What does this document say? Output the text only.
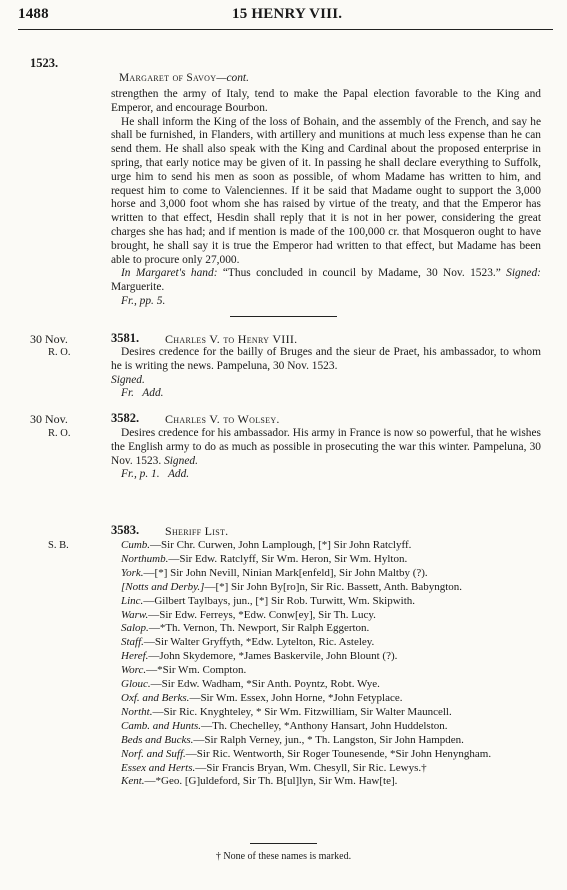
1488	15 HENRY VIII.
1523.
Margaret of Savoy—cont.

strengthen the army of Italy, tend to make the Papal election favorable to the King and Emperor, and encourage Bourbon.

He shall inform the King of the loss of Bohain, and the assembly of the French, and say he shall be furnished, in Flanders, with artillery and munitions at much less expense than he can send them. He shall also speak with the King and Cardinal about the proposed enterprise in spring, that early notice may be given of it. In passing he shall declare everything to Suffolk, urge him to send his men as soon as possible, of whom Madame has written to him, and request him to come to Valenciennes. If it be said that Madame ought to support the 3,000 horse and 3,000 foot whom she has raised by virtue of the treaty, and that the Emperor has written to that effect, Hesdin shall reply that it is not in her power, considering the great charges she has had; and if mention is made of the 100,000 cr. that Mosqueron ought to have brought, he shall say it is true the Emperor had written to that effect, but Madame has been able to procure only 27,000.

In Margaret's hand: “Thus concluded in council by Madame, 30 Nov. 1523.” Signed: Marguerite.

Fr., pp. 5.

30 Nov.
R. O.
3581. Charles V. to Henry VIII.

Desires credence for the bailly of Bruges and the sieur de Praet, his ambassador, to whom he is writing the news. Pampeluna, 30 Nov. 1523.

Signed.

Fr.   Add.

30 Nov.
R. O.
3582. Charles V. to Wolsey.

Desires credence for his ambassador. His army in France is now so powerful, that he wishes the English army to do as much as possible in prosecuting the war this winter. Pampeluna, 30 Nov. 1523. Signed.

Fr., p. 1.   Add.

3583. Sheriff List.
S. B.	Cumb.—Sir Chr. Curwen, John Lamplough, [*] Sir John Ratclyff.
Northumb.—Sir Edw. Ratclyff, Sir Wm. Heron, Sir Wm. Hylton.
York.—[*] Sir John Nevill, Ninian Mark[enfeld], Sir John Maltby (?).
[Notts and Derby.]—[*] Sir John By[ro]n, Sir Ric. Bassett, Anth. Babyngton.
Linc.—Gilbert Taylbays, jun., [*] Sir Rob. Turwitt, Wm. Skipwith.
Warw.—Sir Edw. Ferreys, *Edw. Conw[ey], Sir Th. Lucy.
Salop.—*Th. Vernon, Th. Newport, Sir Ralph Eggerton.
Staff.—Sir Walter Gryffyth, *Edw. Lytelton, Ric. Asteley.
Heref.—John Skydemore, *James Baskervile, John Blount (?).
Worc.—*Sir Wm. Compton.
Glouc.—Sir Edw. Wadham, *Sir Anth. Poyntz, Robt. Wye.
Oxf. and Berks.—Sir Wm. Essex, John Horne, *John Fetyplace.
Northt.—Sir Ric. Knyghteley, * Sir Wm. Fitzwilliam, Sir Walter Mauncell.
Camb. and Hunts.—Th. Chechelley, *Anthony Hansart, John Huddelston.
Beds and Bucks.—Sir Ralph Verney, jun., * Th. Langston, Sir John Hampden.
Norf. and Suff.—Sir Ric. Wentworth, Sir Roger Tounesende, *Sir John Henyngham.
Essex and Herts.—Sir Francis Bryan, Wm. Chesyll, Sir Ric. Lewys.†
Kent.—*Geo. [G]uldeford, Sir Th. B[ul]lyn, Sir Wm. Haw[te].
† None of these names is marked.
